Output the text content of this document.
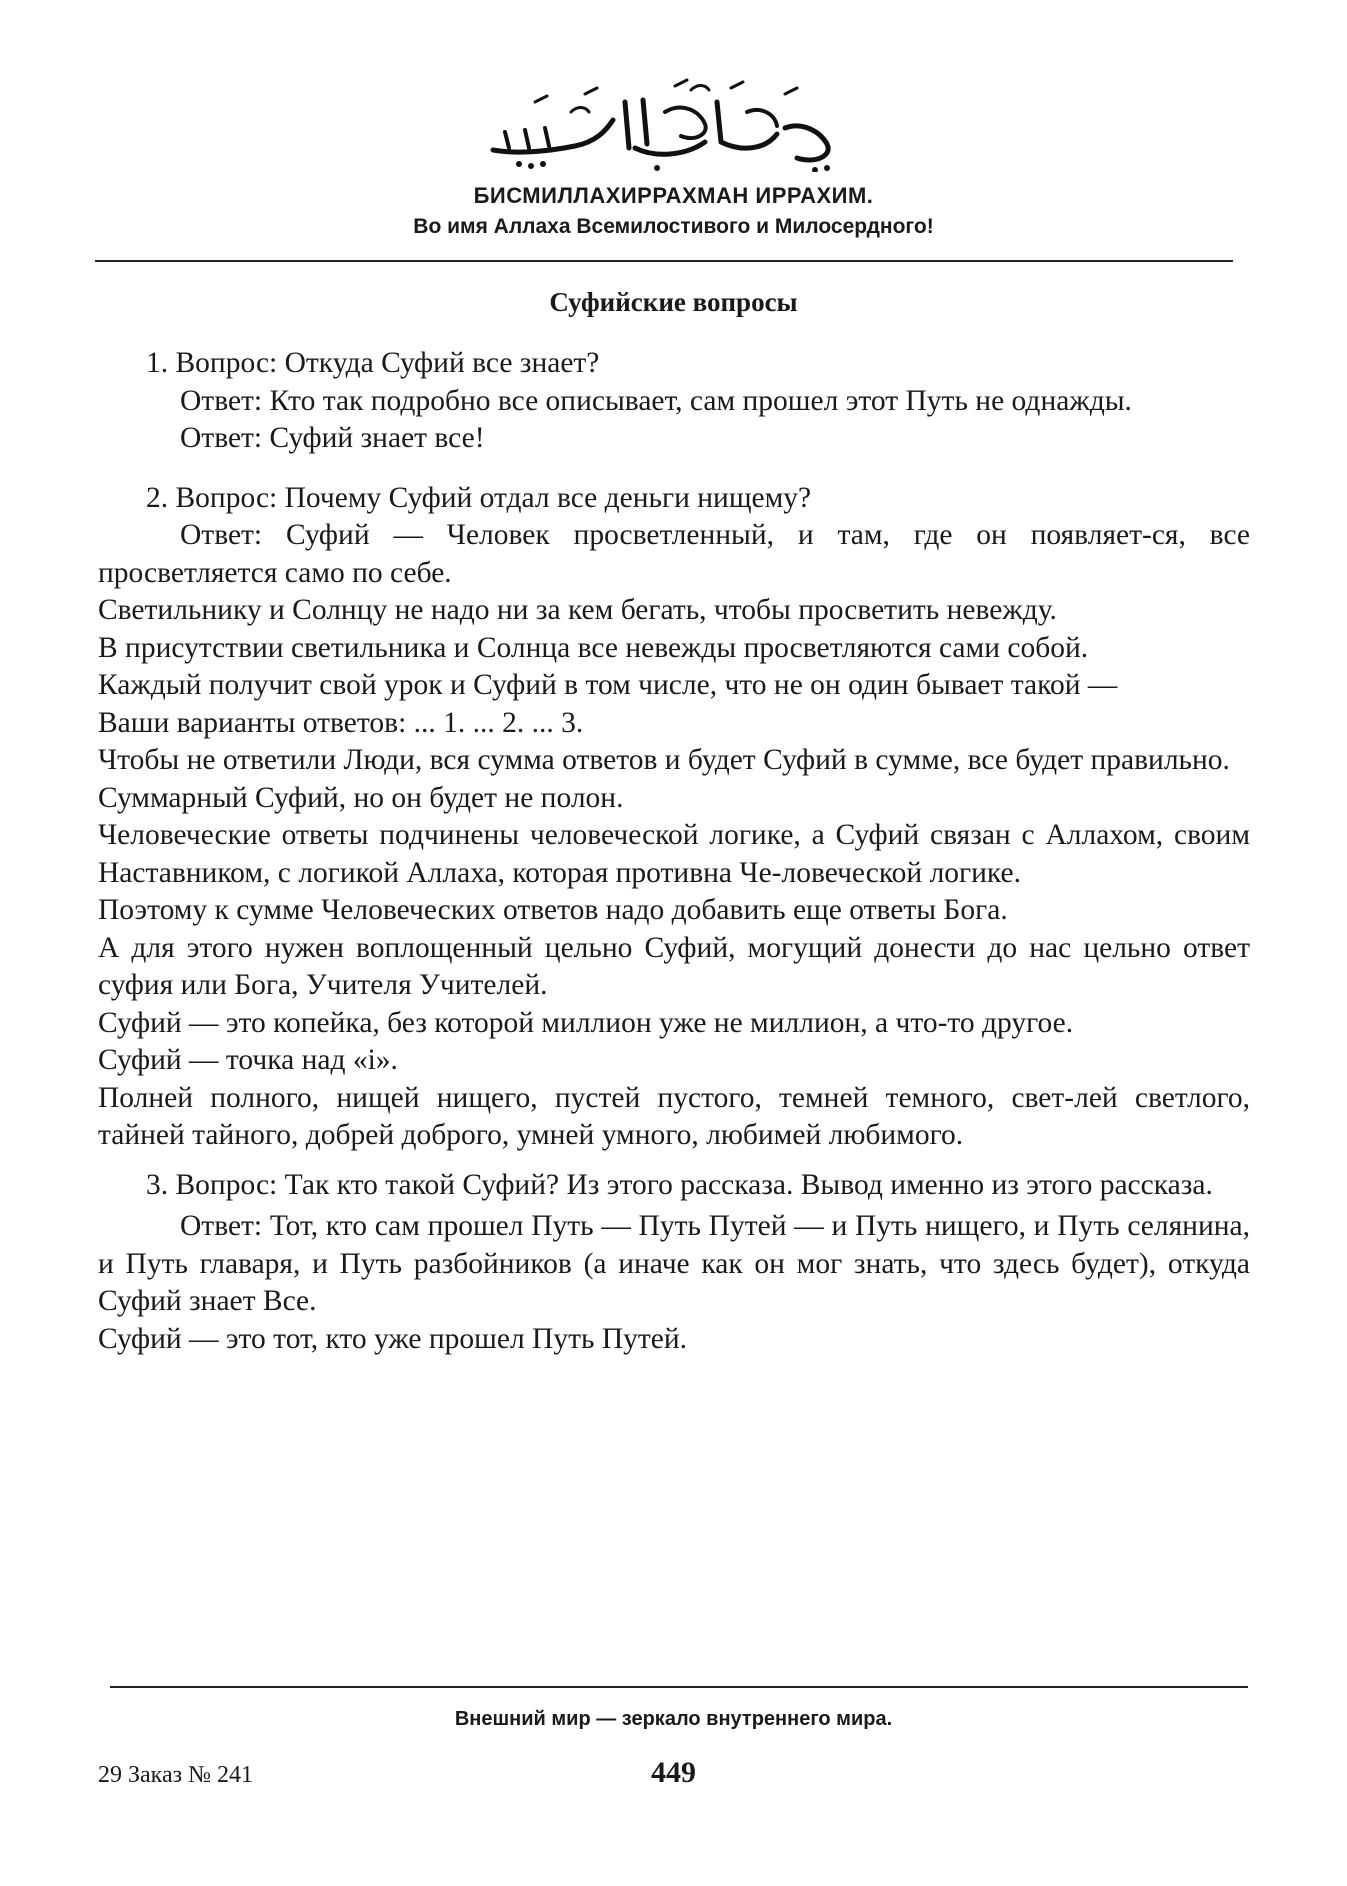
БИСМИЛЛАХИРРАХМАН ИРРАХИМ.
Во имя Аллаха Всемилостивого и Милосердного!
Суфийские вопросы

1. Вопрос: Откуда Суфий все знает?

Ответ: Кто так подробно все описывает, сам прошел этот Путь не однажды.

Ответ: Суфий знает все!

2. Вопрос: Почему Суфий отдал все деньги нищему?

Ответ: Суфий — Человек просветленный, и там, где он появляет-ся, все просветляется само по себе.

Светильнику и Солнцу не надо ни за кем бегать, чтобы просветить невежду.

В присутствии светильника и Солнца все невежды просветляются сами собой.

Каждый получит свой урок и Суфий в том числе, что не он один бывает такой —

Ваши варианты ответов: ... 1. ... 2. ... 3.

Чтобы не ответили Люди, вся сумма ответов и будет Суфий в сумме, все будет правильно.

Суммарный Суфий, но он будет не полон.

Человеческие ответы подчинены человеческой логике, а Суфий связан с Аллахом, своим Наставником, с логикой Аллаха, которая противна Че-ловеческой логике.

Поэтому к сумме Человеческих ответов надо добавить еще ответы Бога.

А для этого нужен воплощенный цельно Суфий, могущий донести до нас цельно ответ суфия или Бога, Учителя Учителей.

Суфий — это копейка, без которой миллион уже не миллион, а что-то другое.

Суфий — точка над «i».

Полней полного, нищей нищего, пустей пустого, темней темного, свет-лей светлого, тайней тайного, добрей доброго, умней умного, любимей любимого.

3. Вопрос: Так кто такой Суфий? Из этого рассказа. Вывод именно из этого рассказа.

Ответ: Тот, кто сам прошел Путь — Путь Путей — и Путь нищего, и Путь селянина, и Путь главаря, и Путь разбойников (а иначе как он мог знать, что здесь будет), откуда Суфий знает Все.

Суфий — это тот, кто уже прошел Путь Путей.

Внешний мир — зеркало внутреннего мира.
29 Заказ № 241	449
